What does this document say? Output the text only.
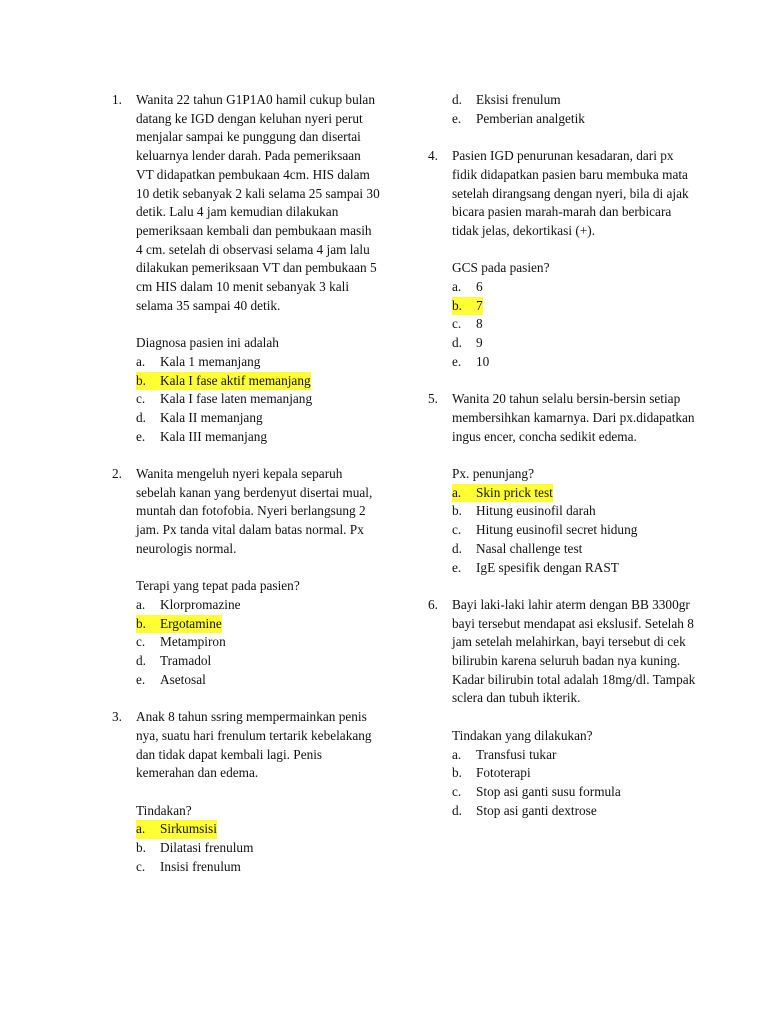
1. Wanita 22 tahun G1P1A0 hamil cukup bulan datang ke IGD dengan keluhan nyeri perut menjalar sampai ke punggung dan disertai keluarnya lender darah. Pada pemeriksaan VT didapatkan pembukaan 4cm. HIS dalam 10 detik sebanyak 2 kali selama 25 sampai 30 detik. Lalu 4 jam kemudian dilakukan pemeriksaan kembali dan pembukaan masih 4 cm. setelah di observasi selama 4 jam lalu dilakukan pemeriksaan VT dan pembukaan 5 cm HIS dalam 10 menit sebanyak 3 kali selama 35 sampai 40 detik.

Diagnosa pasien ini adalah

a.	Kala 1 memanjang
b.	Kala I fase aktif memanjang
c.	Kala I fase laten memanjang
d.	Kala II memanjang
e.	Kala III memanjang
2. Wanita mengeluh nyeri kepala separuh sebelah kanan yang berdenyut disertai mual, muntah dan fotofobia. Nyeri berlangsung 2 jam. Px tanda vital dalam batas normal. Px neurologis normal.

Terapi yang tepat pada pasien?

a.	Klorpromazine
b.	Ergotamine
c.	Metampiron
d.	Tramadol
e.	Asetosal
3. Anak 8 tahun ssring mempermainkan penis nya, suatu hari frenulum tertarik kebelakang dan tidak dapat kembali lagi. Penis kemerahan dan edema.

Tindakan?

a.	Sirkumsisi
b.	Dilatasi frenulum
c.	Insisi frenulum
d.	Eksisi frenulum
e.	Pemberian analgetik
4. Pasien IGD penurunan kesadaran, dari px fidik didapatkan pasien baru membuka mata setelah dirangsang dengan nyeri, bila di ajak bicara pasien marah-marah dan berbicara tidak jelas, dekortikasi (+).

GCS pada pasien?

a.	6
b.	7
c.	8
d.	9
e.	10
5. Wanita 20 tahun selalu bersin-bersin setiap membersihkan kamarnya. Dari px.didapatkan ingus encer, concha sedikit edema.

Px. penunjang?

a.	Skin prick test
b.	Hitung eusinofil darah
c.	Hitung eusinofil secret hidung
d.	Nasal challenge test
e.	IgE spesifik dengan RAST
6. Bayi laki-laki lahir aterm dengan BB 3300gr bayi tersebut mendapat asi ekslusif. Setelah 8 jam setelah melahirkan, bayi tersebut di cek bilirubin karena seluruh badan nya kuning. Kadar bilirubin total adalah 18mg/dl. Tampak sclera dan tubuh ikterik.

Tindakan yang dilakukan?

a.	Transfusi tukar
b.	Fototerapi
c.	Stop asi ganti susu formula
d.	Stop asi ganti dextrose
